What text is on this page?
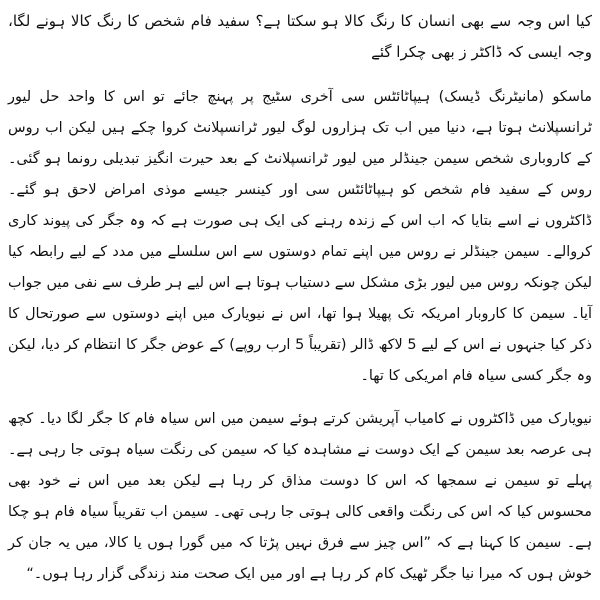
کیا اس وجہ سے بھی انسان کا رنگ کالا ہو سکتا ہے؟ سفید فام شخص کا رنگ کالا ہونے لگا، وجہ ایسی کہ ڈاکٹر ز بھی چکرا گئے

ماسکو (مانیٹرنگ ڈیسک) ہیپاٹائٹس سی آخری سٹیج پر پہنچ جائے تو اس کا واحد حل لیور ٹرانسپلانٹ ہوتا ہے، دنیا میں اب تک ہزاروں لوگ لیور ٹرانسپلانٹ کروا چکے ہیں لیکن اب روس کے کاروباری شخص سیمن جینڈلر میں لیور ٹرانسپلانٹ کے بعد حیرت انگیز تبدیلی رونما ہو گئی۔ روس کے سفید فام شخص کو ہیپاٹائٹس سی اور کینسر جیسے موذی امراض لاحق ہو گئے۔ ڈاکٹروں نے اسے بتایا کہ اب اس کے زندہ رہنے کی ایک ہی صورت ہے کہ وہ جگر کی پیوند کاری کروالے۔ سیمن جینڈلر نے روس میں اپنے تمام دوستوں سے اس سلسلے میں مدد کے لیے رابطہ کیا لیکن چونکہ روس میں لیور بڑی مشکل سے دستیاب ہوتا ہے اس لیے ہر طرف سے نفی میں جواب آیا۔ سیمن کا کاروبار امریکہ تک پھیلا ہوا تھا، اس نے نیویارک میں اپنے دوستوں سے صورتحال کا ذکر کیا جنہوں نے اس کے لیے 5 لاکھ ڈالر (تقریباً 5 ارب روپے) کے عوض جگر کا انتظام کر دیا، لیکن وہ جگر کسی سیاہ فام امریکی کا تھا۔

نیویارک میں ڈاکٹروں نے کامیاب آپریشن کرتے ہوئے سیمن میں اس سیاہ فام کا جگر لگا دیا۔ کچھ ہی عرصہ بعد سیمن کے ایک دوست نے مشاہدہ کیا کہ سیمن کی رنگت سیاہ ہوتی جا رہی ہے۔ پہلے تو سیمن نے سمجھا کہ اس کا دوست مذاق کر رہا ہے لیکن بعد میں اس نے خود بھی محسوس کیا کہ اس کی رنگت واقعی کالی ہوتی جا رہی تھی۔ سیمن اب تقریباً سیاہ فام ہو چکا ہے۔ سیمن کا کہنا ہے کہ ”اس چیز سے فرق نہیں پڑتا کہ میں گورا ہوں یا کالا، میں یہ جان کر خوش ہوں کہ میرا نیا جگر ٹھیک کام کر رہا ہے اور میں ایک صحت مند زندگی گزار رہا ہوں۔“
